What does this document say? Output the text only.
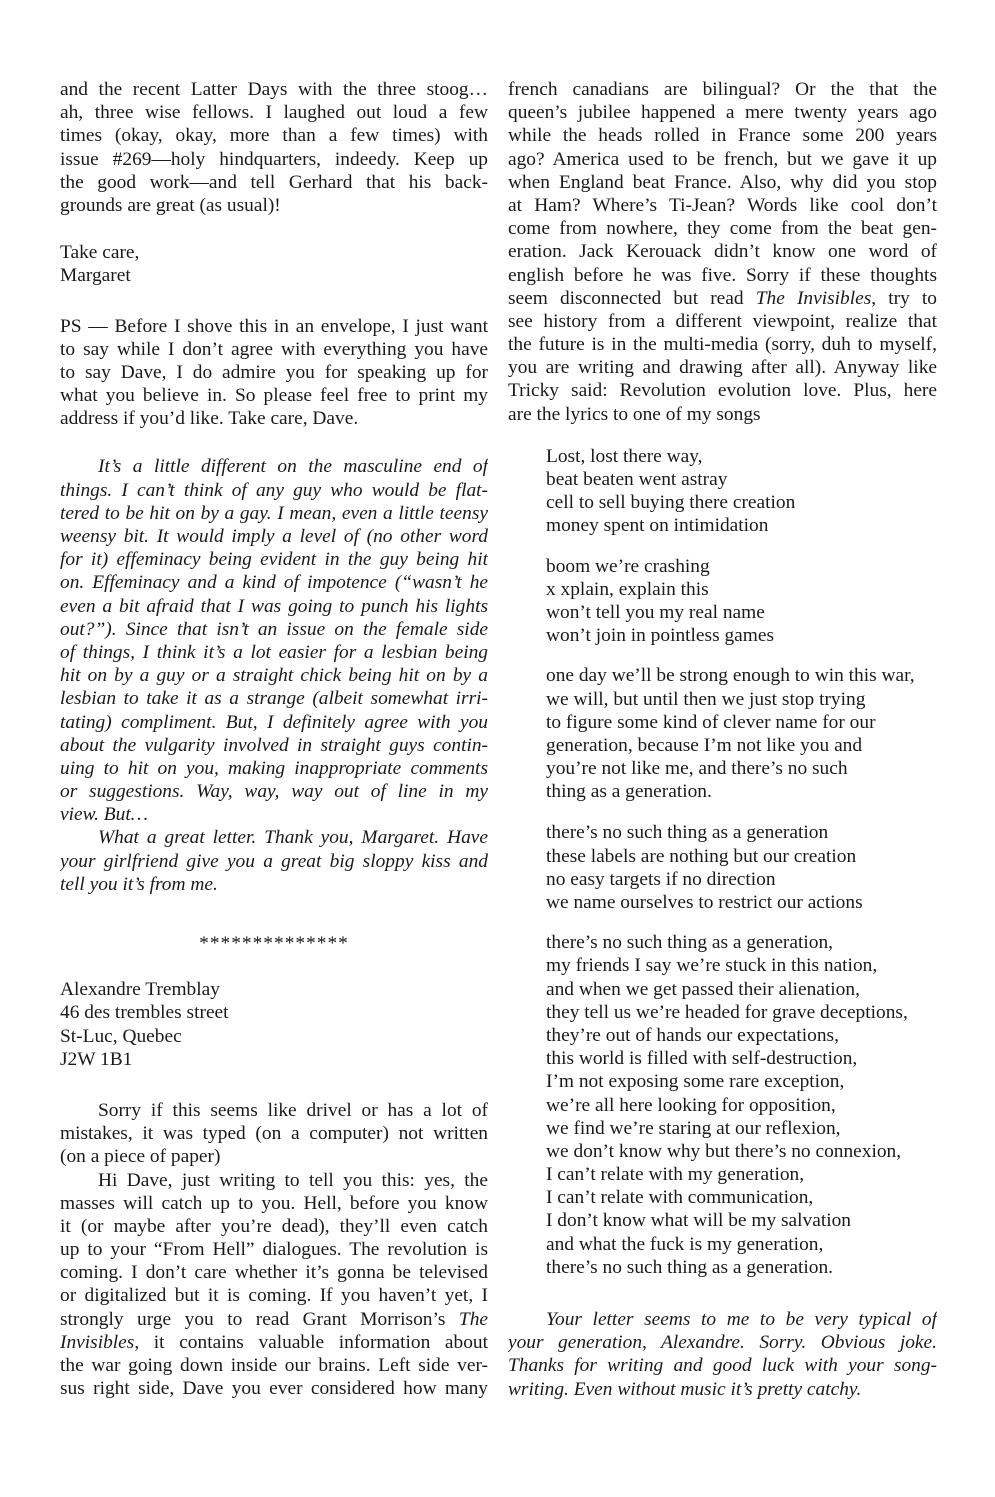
and the recent Latter Days with the three stoog…
ah, three wise fellows. I laughed out loud a few
times (okay, okay, more than a few times) with
issue #269—holy hindquarters, indeedy. Keep up
the good work—and tell Gerhard that his back-
grounds are great (as usual)!
Take care,
Margaret
PS — Before I shove this in an envelope, I just want
to say while I don’t agree with everything you have
to say Dave, I do admire you for speaking up for
what you believe in. So please feel free to print my
address if you’d like. Take care, Dave.
It’s a little different on the masculine end of
things. I can’t think of any guy who would be flat-
tered to be hit on by a gay. I mean, even a little teensy
weensy bit. It would imply a level of (no other word
for it) effeminacy being evident in the guy being hit
on. Effeminacy and a kind of impotence (“wasn’t he
even a bit afraid that I was going to punch his lights
out?”). Since that isn’t an issue on the female side
of things, I think it’s a lot easier for a lesbian being
hit on by a guy or a straight chick being hit on by a
lesbian to take it as a strange (albeit somewhat irri-
tating) compliment. But, I definitely agree with you
about the vulgarity involved in straight guys contin-
uing to hit on you, making inappropriate comments
or suggestions. Way, way, way out of line in my
view. But…
What a great letter. Thank you, Margaret. Have
your girlfriend give you a great big sloppy kiss and
tell you it’s from me.
**************
Alexandre Tremblay
46 des trembles street
St-Luc, Quebec
J2W 1B1
Sorry if this seems like drivel or has a lot of
mistakes, it was typed (on a computer) not written
(on a piece of paper)
Hi Dave, just writing to tell you this: yes, the
masses will catch up to you. Hell, before you know
it (or maybe after you’re dead), they’ll even catch
up to your “From Hell” dialogues. The revolution is
coming. I don’t care whether it’s gonna be televised
or digitalized but it is coming. If you haven’t yet, I
strongly urge you to read Grant Morrison’s The
Invisibles, it contains valuable information about
the war going down inside our brains. Left side ver-
sus right side, Dave you ever considered how many
french canadians are bilingual? Or the that the
queen’s jubilee happened a mere twenty years ago
while the heads rolled in France some 200 years
ago? America used to be french, but we gave it up
when England beat France. Also, why did you stop
at Ham? Where’s Ti-Jean? Words like cool don’t
come from nowhere, they come from the beat gen-
eration. Jack Kerouack didn’t know one word of
english before he was five. Sorry if these thoughts
seem disconnected but read The Invisibles, try to
see history from a different viewpoint, realize that
the future is in the multi-media (sorry, duh to myself,
you are writing and drawing after all). Anyway like
Tricky said: Revolution evolution love. Plus, here
are the lyrics to one of my songs
Lost, lost there way,
beat beaten went astray
cell to sell buying there creation
money spent on intimidation
boom we’re crashing
x xplain, explain this
won’t tell you my real name
won’t join in pointless games
one day we’ll be strong enough to win this war,
we will, but until then we just stop trying
to figure some kind of clever name for our
generation, because I’m not like you and
you’re not like me, and there’s no such
thing as a generation.
there’s no such thing as a generation
these labels are nothing but our creation
no easy targets if no direction
we name ourselves to restrict our actions
there’s no such thing as a generation,
my friends I say we’re stuck in this nation,
and when we get passed their alienation,
they tell us we’re headed for grave deceptions,
they’re out of hands our expectations,
this world is filled with self-destruction,
I’m not exposing some rare exception,
we’re all here looking for opposition,
we find we’re staring at our reflexion,
we don’t know why but there’s no connexion,
I can’t relate with my generation,
I can’t relate with communication,
I don’t know what will be my salvation
and what the fuck is my generation,
there’s no such thing as a generation.
Your letter seems to me to be very typical of
your generation, Alexandre. Sorry. Obvious joke.
Thanks for writing and good luck with your song-
writing. Even without music it’s pretty catchy.
